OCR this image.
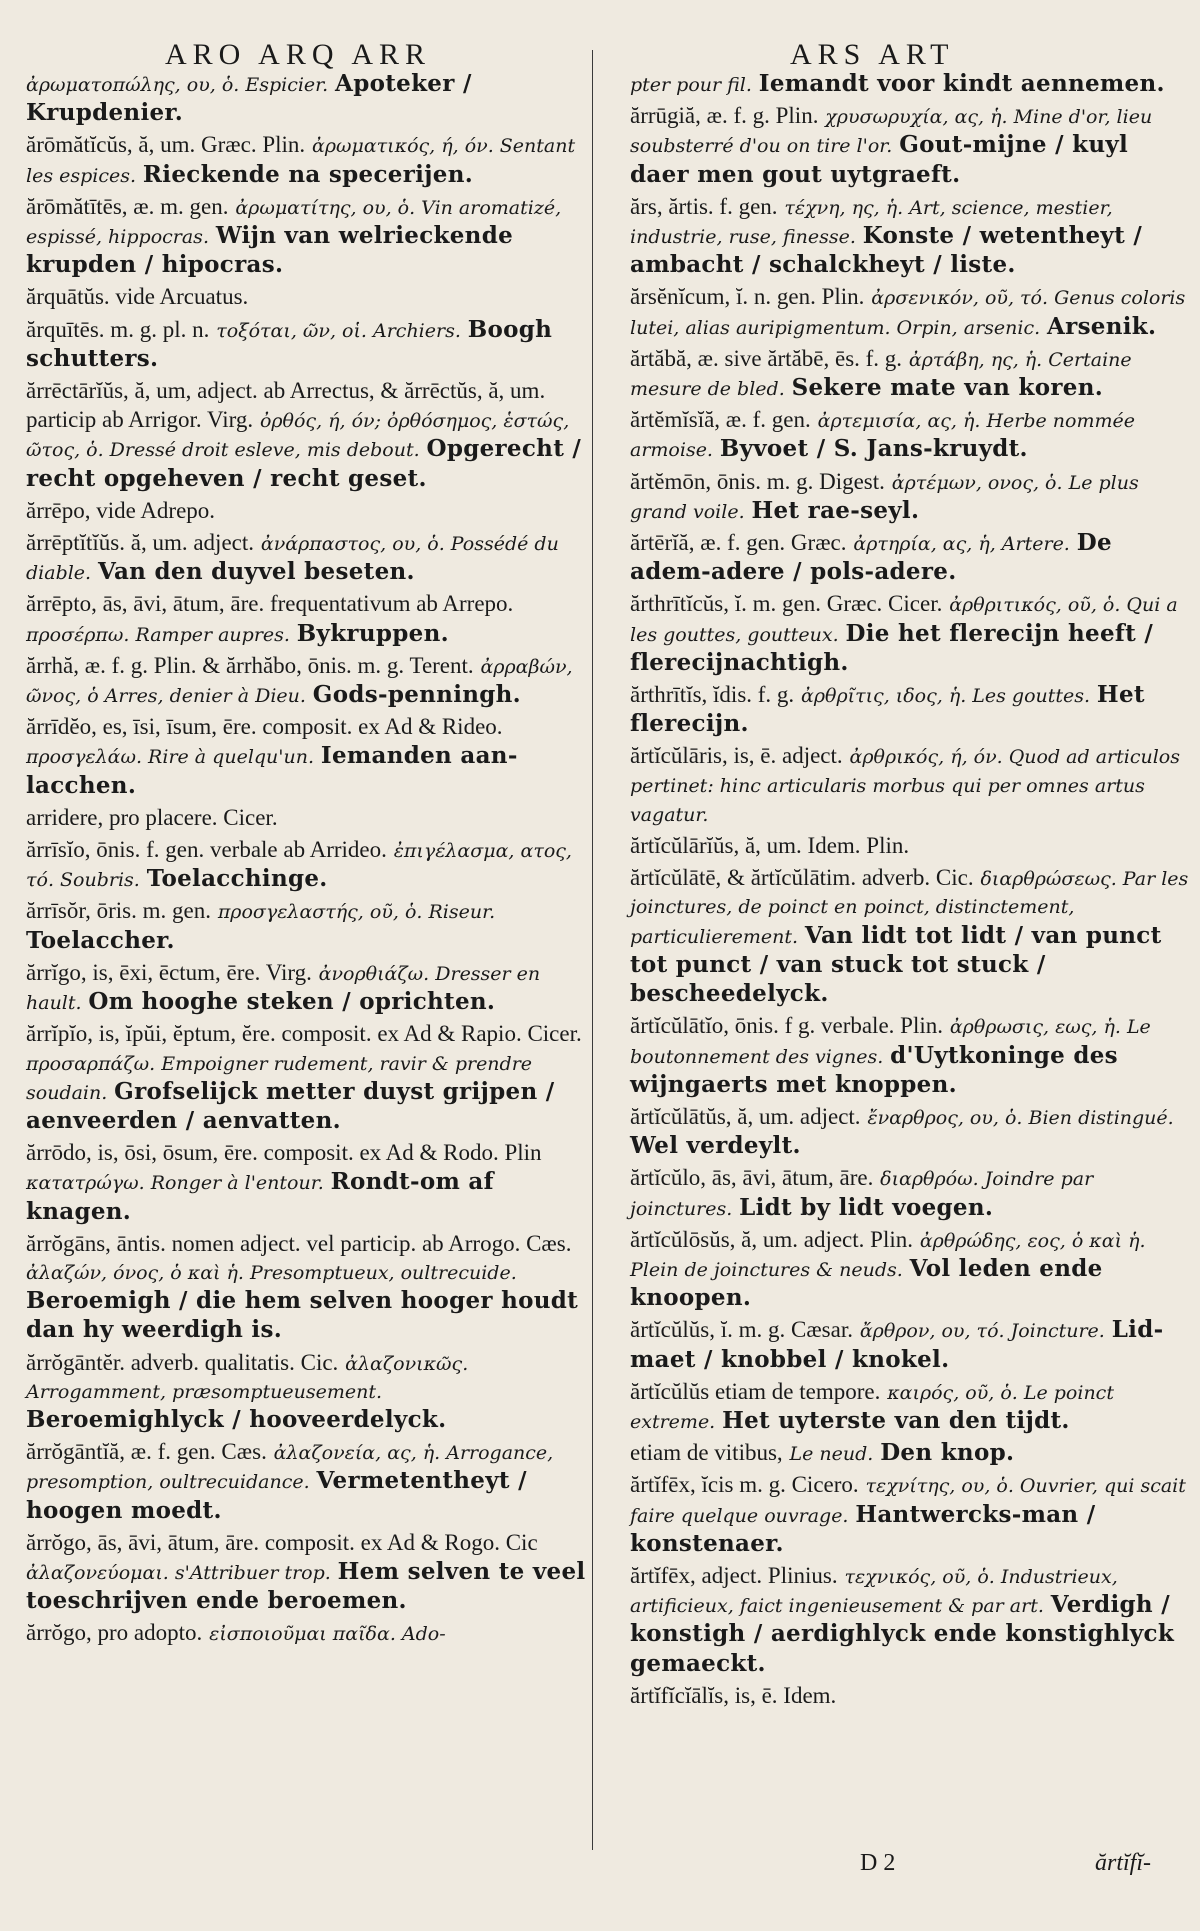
ARO ARQ ARR	ARS ART

ἀρωματοπώλης, ου, ὁ. Espicier. Apoteker / Krupdenier.

ărōmătĭcŭs, ă, um. Græc. Plin. ἀρωματικός, ή, όν. Sentant les espices. Rieckende na specerijen.

ărōmătītēs, æ. m. gen. ἀρωματίτης, ου, ὁ. Vin aromatizé, espissé, hippocras. Wijn van welrieckende krupden / hipocras.

ărquātŭs. vide Arcuatus.

ărquītēs. m. g. pl. n. τοξόται, ῶν, οἱ. Archiers. Boogh schutters.

ărrēctārĭŭs, ă, um, adject. ab Arrectus, & ărrēctŭs, ă, um. particip ab Arrigor. Virg. ὀρθός, ή, όν; ὀρθόσημος, ἑστώς, ῶτος, ὁ. Dressé droit esleve, mis debout. Opgerecht / recht opgeheven / recht geset.

ărrēpo, vide Adrepo.

ărrēptĭtĭŭs. ă, um. adject. ἀνάρπαστος, ου, ὁ. Possédé du diable. Van den duyvel beseten.

ărrēpto, ās, āvi, ātum, āre. frequentativum ab Arrepo. προσέρπω. Ramper aupres. Bykruppen.

ărrhă, æ. f. g. Plin. & ărrhăbo, ōnis. m. g. Terent. ἀρραβών, ῶνος, ὁ Arres, denier à Dieu. Gods-penningh.

ărrīdĕo, es, īsi, īsum, ēre. composit. ex Ad & Rideo. προσγελάω. Rire à quelqu'un. Iemanden aan-lacchen.

arridere, pro placere. Cicer.

ărrīsĭo, ōnis. f. gen. verbale ab Arrideo. ἐπιγέλασμα, ατος, τό. Soubris. Toelacchinge.

ărrīsŏr, ōris. m. gen. προσγελαστής, οῦ, ὁ. Riseur. Toelaccher.

ărrĭgo, is, ēxi, ēctum, ēre. Virg. ἀνορθιάζω. Dresser en hault. Om hooghe steken / oprichten.

ărrĭpĭo, is, ĭpŭi, ĕptum, ĕre. composit. ex Ad & Rapio. Cicer. προσαρπάζω. Empoigner rudement, ravir & prendre soudain. Grofselijck metter duyst grijpen / aenveerden / aenvatten.

ărrōdo, is, ōsi, ōsum, ēre. composit. ex Ad & Rodo. Plin κατατρώγω. Ronger à l'entour. Rondt-om af knagen.

ărrŏgāns, āntis. nomen adject. vel particip. ab Arrogo. Cæs. ἀλαζών, όνος, ὁ καὶ ἡ. Presomptueux, oultrecuide. Beroemigh / die hem selven hooger houdt dan hy weerdigh is.

ărrŏgāntĕr. adverb. qualitatis. Cic. ἀλαζονικῶς. Arrogamment, præsomptueusement. Beroemighlyck / hooveerdelyck.

ărrŏgāntĭă, æ. f. gen. Cæs. ἀλαζονεία, ας, ἡ. Arrogance, presomption, oultrecuidance. Vermetentheyt / hoogen moedt.

ărrŏgo, ās, āvi, ātum, āre. composit. ex Ad & Rogo. Cic ἀλαζονεύομαι. s'Attribuer trop. Hem selven te veel toeschrijven ende beroemen.

ărrŏgo, pro adopto. εἰσποιοῦμαι παῖδα. Ado-

pter pour fil. Iemandt voor kindt aennemen.

ărrūgiă, æ. f. g. Plin. χρυσωρυχία, ας, ἡ. Mine d'or, lieu soubsterré d'ou on tire l'or. Gout-mijne / kuyl daer men gout uytgraeft.

ărs, ărtis. f. gen. τέχνη, ης, ἡ. Art, science, mestier, industrie, ruse, finesse. Konste / wetentheyt / ambacht / schalckheyt / liste.

ărsĕnĭcum, ĭ. n. gen. Plin. ἀρσενικόν, οῦ, τό. Genus coloris lutei, alias auripigmentum. Orpin, arsenic. Arsenik.

ărtăbă, æ. sive ărtăbē, ēs. f. g. ἀρτάβη, ης, ἡ. Certaine mesure de bled. Sekere mate van koren.

ărtĕmĭsĭă, æ. f. gen. ἀρτεμισία, ας, ἡ. Herbe nommée armoise. Byvoet / S. Jans-kruydt.

ărtĕmōn, ōnis. m. g. Digest. ἀρτέμων, ονος, ὁ. Le plus grand voile. Het rae-seyl.

ărtērĭă, æ. f. gen. Græc. ἀρτηρία, ας, ἡ, Artere. De adem-adere / pols-adere.

ărthrītĭcŭs, ĭ. m. gen. Græc. Cicer. ἀρθριτικός, οῦ, ὁ. Qui a les gouttes, goutteux. Die het flerecijn heeft / flerecijnachtigh.

ărthrītĭs, ĭdis. f. g. ἀρθρῖτις, ιδος, ἡ. Les gouttes. Het flerecijn.

ărtĭcŭlāris, is, ē. adject. ἀρθρικός, ή, όν. Quod ad articulos pertinet: hinc articularis morbus qui per omnes artus vagatur.

ărtĭcŭlārĭŭs, ă, um. Idem. Plin.

ărtĭcŭlātē, & ărtĭcŭlātim. adverb. Cic. διαρθρώσεως. Par les joinctures, de poinct en poinct, distinctement, particulierement. Van lidt tot lidt / van punct tot punct / van stuck tot stuck / bescheedelyck.

ărtĭcŭlātĭo, ōnis. f g. verbale. Plin. ἀρθρωσις, εως, ἡ. Le boutonnement des vignes. d'Uytkoninge des wijngaerts met knoppen.

ărtĭcŭlātŭs, ă, um. adject. ἔναρθρος, ου, ὁ. Bien distingué. Wel verdeylt.

ărtĭcŭlo, ās, āvi, ātum, āre. διαρθρόω. Joindre par joinctures. Lidt by lidt voegen.

ărtĭcŭlōsŭs, ă, um. adject. Plin. ἀρθρώδης, εος, ὁ καὶ ἡ. Plein de joinctures & neuds. Vol leden ende knoopen.

ărtĭcŭlŭs, ĭ. m. g. Cæsar. ἄρθρον, ου, τό. Joincture. Lid-maet / knobbel / knokel.

ărtĭcŭlŭs etiam de tempore. καιρός, οῦ, ὁ. Le poinct extreme. Het uyterste van den tijdt.

etiam de vitibus, Le neud. Den knop.

ărtĭfēx, ĭcis m. g. Cicero. τεχνίτης, ου, ὁ. Ouvrier, qui scait faire quelque ouvrage. Hantwercks-man / konstenaer.

ărtĭfēx, adject. Plinius. τεχνικός, οῦ, ὁ. Industrieux, artificieux, faict ingenieusement & par art. Verdigh / konstigh / aerdighlyck ende konstighlyck gemaeckt.

ărtĭfĭcĭālĭs, is, ē. Idem.

D 2	ărtĭfĭ-
